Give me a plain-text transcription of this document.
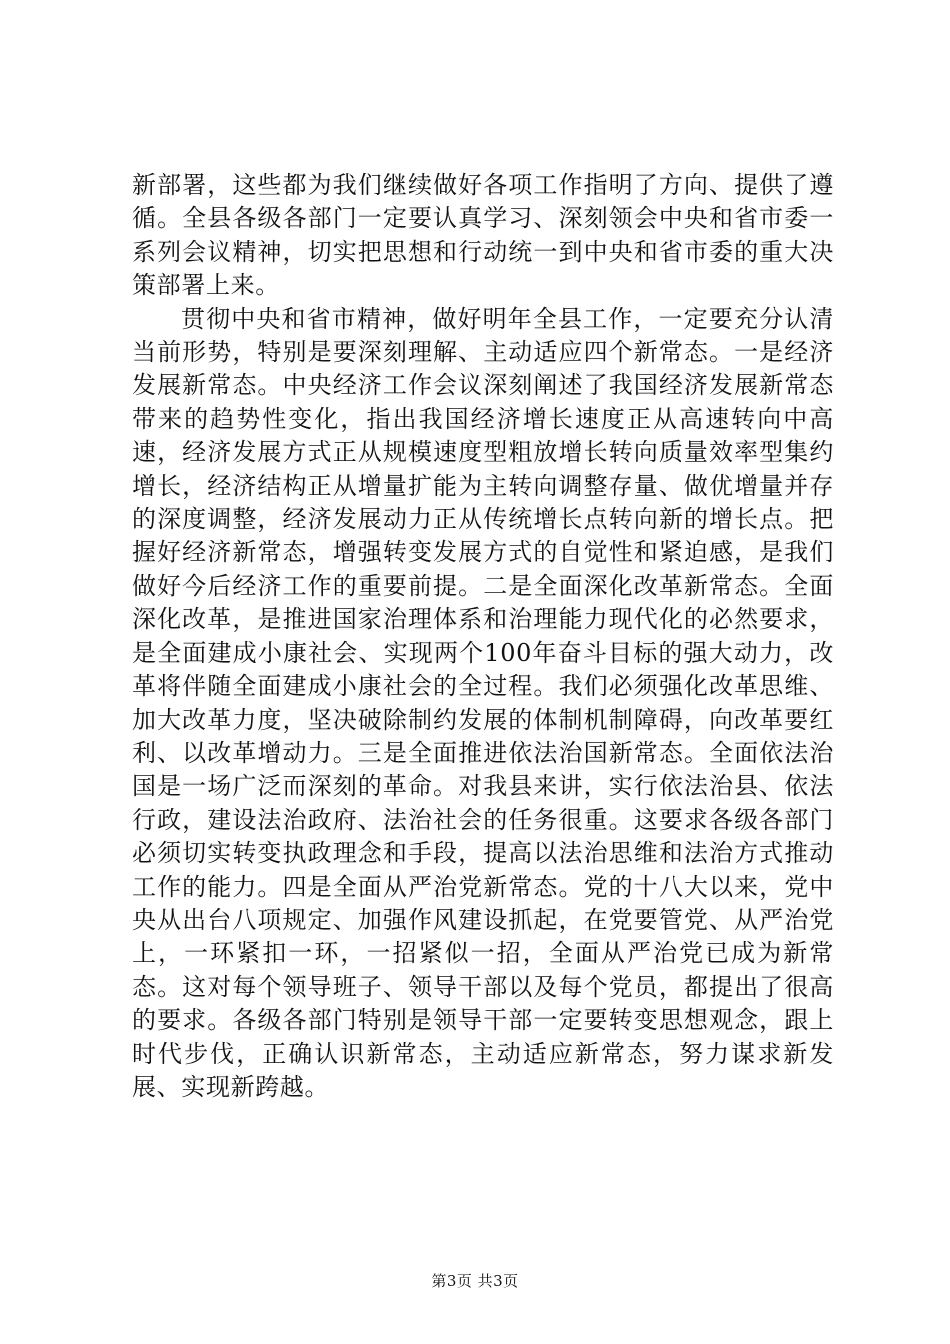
新部署，这些都为我们继续做好各项工作指明了方向、提供了遵循。全县各级各部门一定要认真学习、深刻领会中央和省市委一系列会议精神，切实把思想和行动统一到中央和省市委的重大决策部署上来。

贯彻中央和省市精神，做好明年全县工作，一定要充分认清当前形势，特别是要深刻理解、主动适应四个新常态。一是经济发展新常态。中央经济工作会议深刻阐述了我国经济发展新常态带来的趋势性变化，指出我国经济增长速度正从高速转向中高速，经济发展方式正从规模速度型粗放增长转向质量效率型集约增长，经济结构正从增量扩能为主转向调整存量、做优增量并存的深度调整，经济发展动力正从传统增长点转向新的增长点。把握好经济新常态，增强转变发展方式的自觉性和紧迫感，是我们做好今后经济工作的重要前提。二是全面深化改革新常态。全面深化改革，是推进国家治理体系和治理能力现代化的必然要求，是全面建成小康社会、实现两个100年奋斗目标的强大动力，改革将伴随全面建成小康社会的全过程。我们必须强化改革思维、加大改革力度，坚决破除制约发展的体制机制障碍，向改革要红利、以改革增动力。三是全面推进依法治国新常态。全面依法治国是一场广泛而深刻的革命。对我县来讲，实行依法治县、依法行政，建设法治政府、法治社会的任务很重。这要求各级各部门必须切实转变执政理念和手段，提高以法治思维和法治方式推动工作的能力。四是全面从严治党新常态。党的十八大以来，党中央从出台八项规定、加强作风建设抓起，在党要管党、从严治党上，一环紧扣一环，一招紧似一招，全面从严治党已成为新常态。这对每个领导班子、领导干部以及每个党员，都提出了很高的要求。各级各部门特别是领导干部一定要转变思想观念，跟上时代步伐，正确认识新常态，主动适应新常态，努力谋求新发展、实现新跨越。

第3页 共3页
